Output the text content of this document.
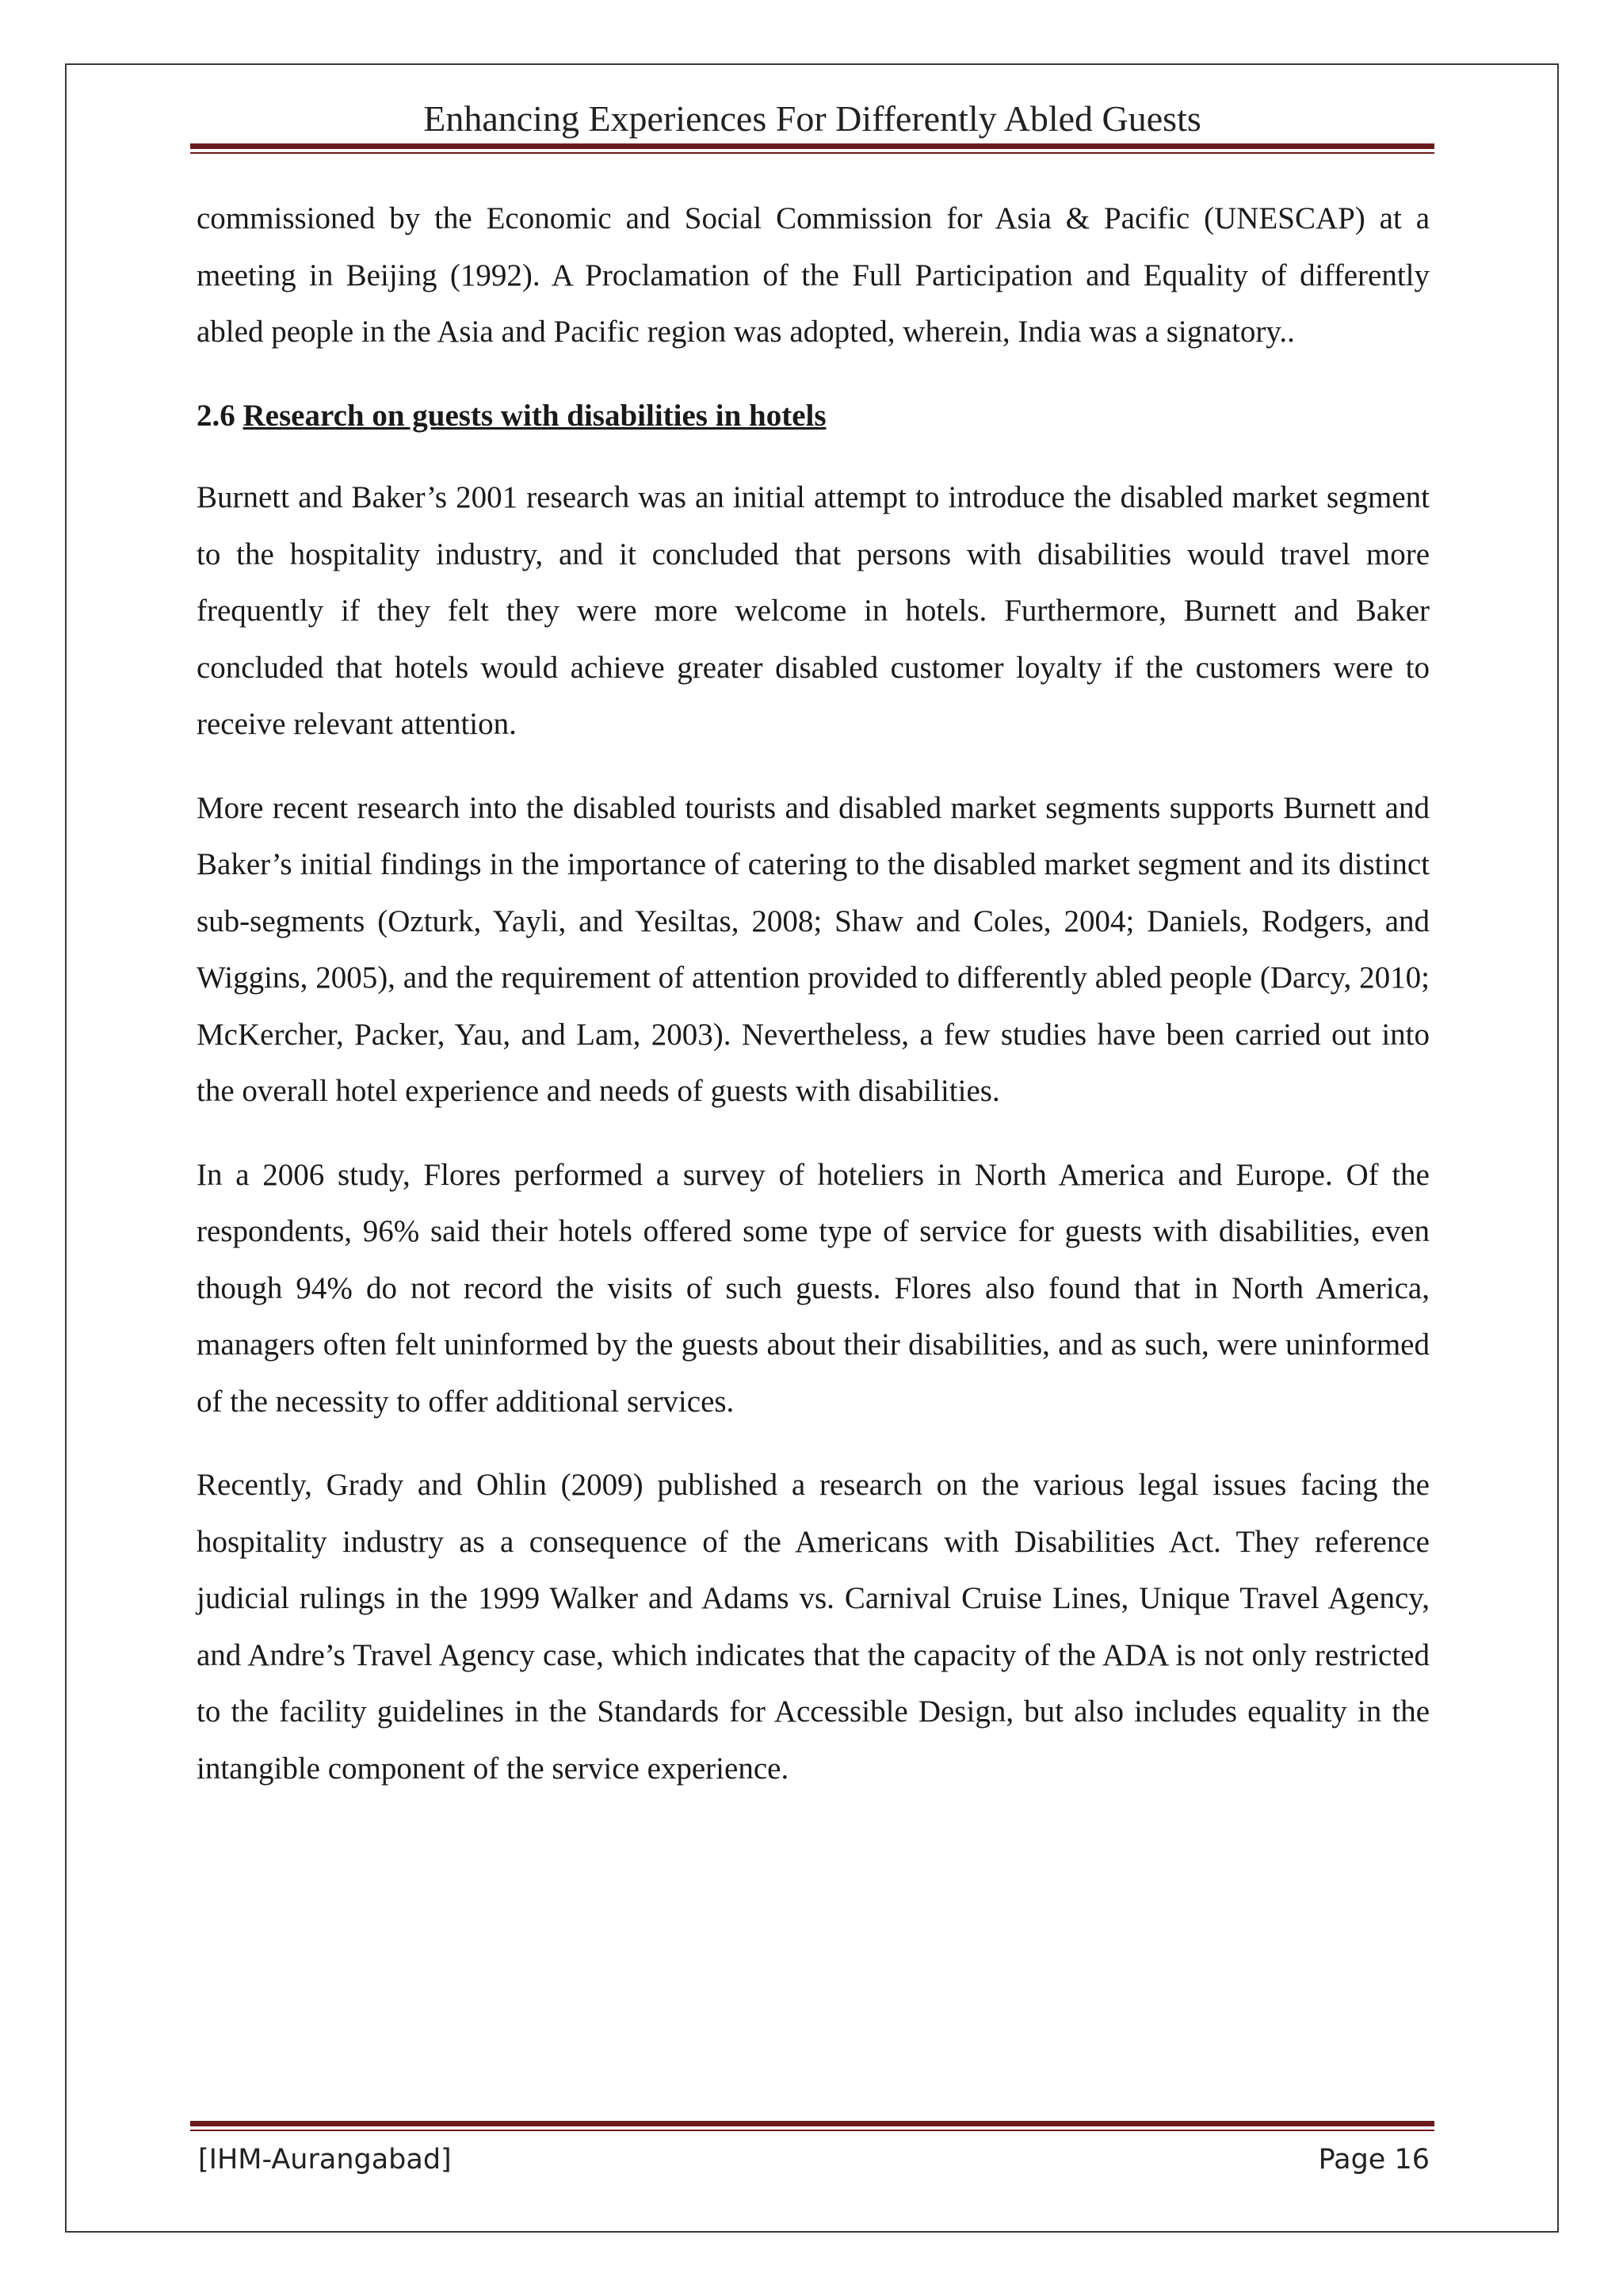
Enhancing Experiences For Differently Abled Guests

commissioned by the Economic and Social Commission for Asia & Pacific (UNESCAP) at a meeting in Beijing (1992). A Proclamation of the Full Participation and Equality of differently abled people in the Asia and Pacific region was adopted, wherein, India was a signatory..

2.6 Research on guests with disabilities in hotels

Burnett and Baker’s 2001 research was an initial attempt to introduce the disabled market segment to the hospitality industry, and it concluded that persons with disabilities would travel more frequently if they felt they were more welcome in hotels. Furthermore, Burnett and Baker concluded that hotels would achieve greater disabled customer loyalty if the customers were to receive relevant attention.

More recent research into the disabled tourists and disabled market segments supports Burnett and Baker’s initial findings in the importance of catering to the disabled market segment and its distinct sub-segments (Ozturk, Yayli, and Yesiltas, 2008; Shaw and Coles, 2004; Daniels, Rodgers, and Wiggins, 2005), and the requirement of attention provided to differently abled people (Darcy, 2010; McKercher, Packer, Yau, and Lam, 2003). Nevertheless, a few studies have been carried out into the overall hotel experience and needs of guests with disabilities.

In a 2006 study, Flores performed a survey of hoteliers in North America and Europe. Of the respondents, 96% said their hotels offered some type of service for guests with disabilities, even though 94% do not record the visits of such guests. Flores also found that in North America, managers often felt uninformed by the guests about their disabilities, and as such, were uninformed of the necessity to offer additional services.

Recently, Grady and Ohlin (2009) published a research on the various legal issues facing the hospitality industry as a consequence of the Americans with Disabilities Act. They reference judicial rulings in the 1999 Walker and Adams vs. Carnival Cruise Lines, Unique Travel Agency, and Andre’s Travel Agency case, which indicates that the capacity of the ADA is not only restricted to the facility guidelines in the Standards for Accessible Design, but also includes equality in the intangible component of the service experience.

[IHM-Aurangabad]	Page 16
